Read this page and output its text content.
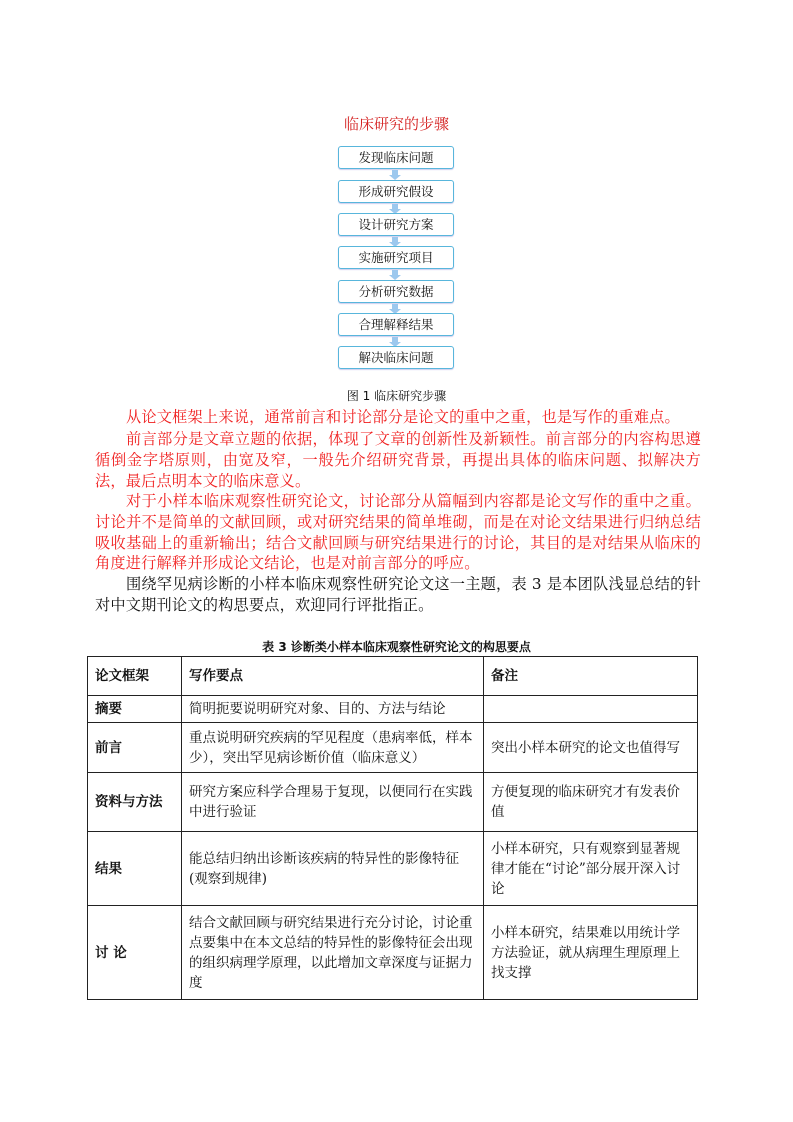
临床研究的步骤
发现临床问题
形成研究假设
设计研究方案
实施研究项目
分析研究数据
合理解释结果
解决临床问题
图 1 临床研究步骤
从论文框架上来说，通常前言和讨论部分是论文的重中之重，也是写作的重难点。
前言部分是文章立题的依据，体现了文章的创新性及新颖性。前言部分的内容构思遵循倒金字塔原则，由宽及窄，一般先介绍研究背景，再提出具体的临床问题、拟解决方法，最后点明本文的临床意义。
对于小样本临床观察性研究论文，讨论部分从篇幅到内容都是论文写作的重中之重。讨论并不是简单的文献回顾，或对研究结果的简单堆砌，而是在对论文结果进行归纳总结吸收基础上的重新输出；结合文献回顾与研究结果进行的讨论，其目的是对结果从临床的角度进行解释并形成论文结论，也是对前言部分的呼应。
围绕罕见病诊断的小样本临床观察性研究论文这一主题，表 3 是本团队浅显总结的针对中文期刊论文的构思要点，欢迎同行评批指正。
表 3 诊断类小样本临床观察性研究论文的构思要点
论文框架	写作要点	备注
摘要	简明扼要说明研究对象、目的、方法与结论	
前言	重点说明研究疾病的罕见程度（患病率低，样本少），突出罕见病诊断价值（临床意义）	突出小样本研究的论文也值得写
资料与方法	研究方案应科学合理易于复现，以便同行在实践中进行验证	方便复现的临床研究才有发表价值
结果	能总结归纳出诊断该疾病的特异性的影像特征(观察到规律)	小样本研究，只有观察到显著规律才能在“讨论”部分展开深入讨论
讨 论	结合文献回顾与研究结果进行充分讨论，讨论重点要集中在本文总结的特异性的影像特征会出现的组织病理学原理，以此增加文章深度与证据力度	小样本研究，结果难以用统计学方法验证，就从病理生理原理上找支撑
